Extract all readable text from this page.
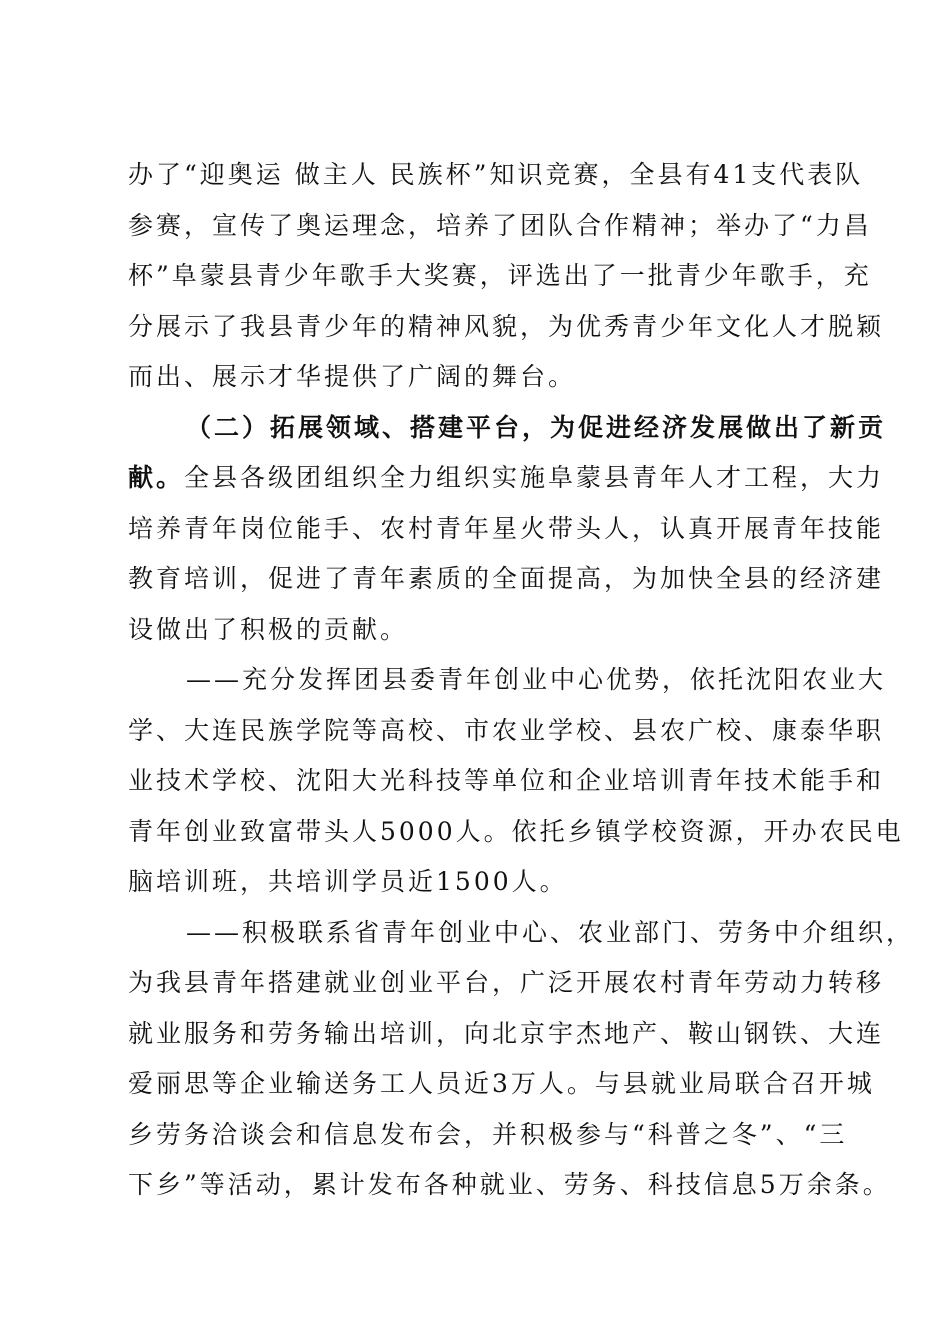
办了“迎奥运 做主人 民族杯”知识竞赛，全县有41支代表队
参赛，宣传了奥运理念，培养了团队合作精神；举办了“力昌
杯”阜蒙县青少年歌手大奖赛，评选出了一批青少年歌手，充
分展示了我县青少年的精神风貌，为优秀青少年文化人才脱颖
而出、展示才华提供了广阔的舞台。
（二）拓展领域、搭建平台，为促进经济发展做出了新贡
献。全县各级团组织全力组织实施阜蒙县青年人才工程，大力
培养青年岗位能手、农村青年星火带头人，认真开展青年技能
教育培训，促进了青年素质的全面提高，为加快全县的经济建
设做出了积极的贡献。
——充分发挥团县委青年创业中心优势，依托沈阳农业大
学、大连民族学院等高校、市农业学校、县农广校、康泰华职
业技术学校、沈阳大光科技等单位和企业培训青年技术能手和
青年创业致富带头人5000人。依托乡镇学校资源，开办农民电
脑培训班，共培训学员近1500人。
——积极联系省青年创业中心、农业部门、劳务中介组织，
为我县青年搭建就业创业平台，广泛开展农村青年劳动力转移
就业服务和劳务输出培训，向北京宇杰地产、鞍山钢铁、大连
爱丽思等企业输送务工人员近3万人。与县就业局联合召开城
乡劳务洽谈会和信息发布会，并积极参与“科普之冬”、“三
下乡”等活动，累计发布各种就业、劳务、科技信息5万余条。
